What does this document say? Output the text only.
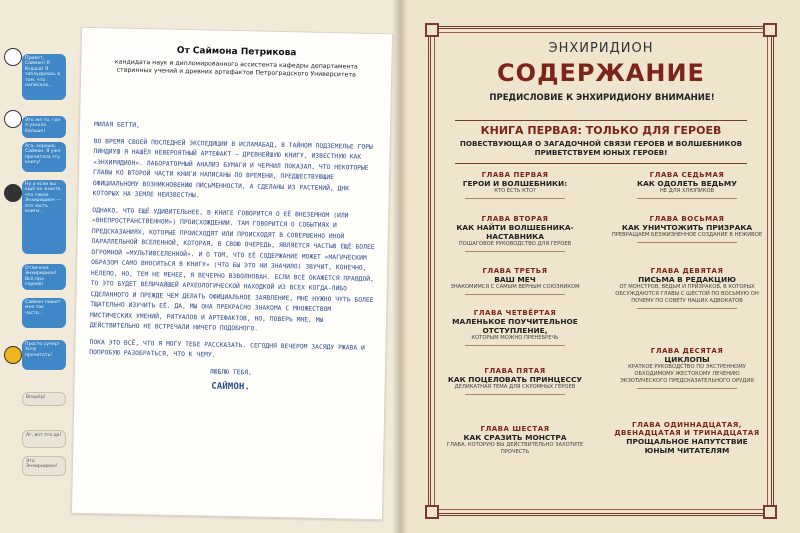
Привет, Саймон! Я Ксюша! Я заблудилась в том, что написала...
Это же то, где я узнала больше!
Ага, хорошо, Саймон. Я уже прочитала эту книгу!
Ну а если вы ещё не знаете, что такое Энхиридион — это часть книги...
Отличная Энхиридион! Всё про героев!
Саймон пишет мне так часто...
Просто супер! Хочу прочитать!
Вперёд!
Аг, вот это да!
Это Энхиридион!
От Саймона Петрикова
кандидата наук и дипломированного ассистента кафедры департамента старинных учений и древних артефактов Петроградского Университета

МИЛАЯ БЕТТИ,

ВО ВРЕМЯ СВОЕЙ ПОСЛЕДНЕЙ ЭКСПЕДИЦИИ В ИСЛАМАБАД, В ТАЙНОМ ПОДЗЕМЕЛЬЕ ГОРЫ ПИНДИУШ Я НАШЁЛ НЕВЕРОЯТНЫЙ АРТЕФАКТ — ДРЕВНЕЙШУЮ КНИГУ, ИЗВЕСТНУЮ КАК «ЭНХИРИДИОН». ЛАБОРАТОРНЫЙ АНАЛИЗ БУМАГИ И ЧЕРНИЛ ПОКАЗАЛ, ЧТО НЕКОТОРЫЕ ГЛАВЫ КО ВТОРОЙ ЧАСТИ КНИГИ НАПИСАНЫ ПО ВРЕМЕНИ, ПРЕДШЕСТВУЮЩИЕ ОФИЦИАЛЬНОМУ ВОЗНИКНОВЕНИЮ ПИСЬМЕННОСТИ, А СДЕЛАНЫ ИЗ РАСТЕНИЙ, ДНК КОТОРЫХ НА ЗЕМЛЕ НЕИЗВЕСТНЫ.

ОДНАКО, ЧТО ЕЩЁ УДИВИТЕЛЬНЕЕ, В КНИГЕ ГОВОРИТСЯ О ЕЁ ВНЕЗЕМНОМ (ИЛИ «ВНЕПРОСТРАНСТВЕННОМ») ПРОИСХОЖДЕНИИ. ТАМ ГОВОРИТСЯ О СОБЫТИЯХ И ПРЕДСКАЗАНИЯХ, КОТОРЫЕ ПРОИСХОДЯТ ИЛИ ПРОИСХОДЯТ В СОВЕРШЕННО ИНОЙ ПАРАЛЛЕЛЬНОЙ ВСЕЛЕННОЙ, КОТОРАЯ, В СВОЮ ОЧЕРЕДЬ, ЯВЛЯЕТСЯ ЧАСТЬЮ ЕЩЁ БОЛЕЕ ОГРОМНОЙ «МУЛЬТИВСЕЛЕННОЙ». И О ТОМ, ЧТО ЕЁ СОДЕРЖАНИЕ МОЖЕТ «МАГИЧЕСКИМ ОБРАЗОМ САМО ВНОСИТЬСЯ В КНИГУ» (ЧТО БЫ ЭТО НИ ЗНАЧИЛО) ЗВУЧИТ, КОНЕЧНО, НЕЛЕПО, НО, ТЕМ НЕ МЕНЕЕ, Я ВЕЧЕРНО ВЗВОЛНОВАН. ЕСЛИ ВСЁ ОКАЖЕТСЯ ПРАВДОЙ, ТО ЭТО БУДЕТ ВЕЛИЧАЙШЕЙ АРХЕОЛОГИЧЕСКОЙ НАХОДКОЙ ИЗ ВСЕХ КОГДА-ЛИБО СДЕЛАННОГО И ПРЕЖДЕ ЧЕМ ДЕЛАТЬ ОФИЦИАЛЬНОЕ ЗАЯВЛЕНИЕ, МНЕ НУЖНО ЧУТЬ БОЛЕЕ ТЩАТЕЛЬНО ИЗУЧИТЬ ЕЁ. ДА, МЫ ОНА ПРЕКРАСНО ЗНАКОМА С МНОЖЕСТВОМ МИСТИЧЕСКИХ УМЕНИЙ, РИТУАЛОВ И АРТЕФАКТОВ, НО, ПОВЕРЬ МНЕ, МЫ ДЕЙСТВИТЕЛЬНО НЕ ВСТРЕЧАЛИ НИЧЕГО ПОДОБНОГО.

ПОКА ЭТО ВСЁ, ЧТО Я МОГУ ТЕБЕ РАССКАЗАТЬ. СЕГОДНЯ ВЕЧЕРОМ ЗАСЯДУ РЖАВА И ПОПРОБУЮ РАЗОБРАТЬСЯ, ЧТО К ЧЕМУ.

ЛЮБЛЮ ТЕБЯ,
САЙМОН.
ЭНХИРИДИОН
СОДЕРЖАНИЕ
ПРЕДИСЛОВИЕ К ЭНХИРИДИОНУ ВНИМАНИЕ!
КНИГА ПЕРВАЯ: ТОЛЬКО ДЛЯ ГЕРОЕВ
ПОВЕСТВУЮЩАЯ О ЗАГАДОЧНОЙ СВЯЗИ ГЕРОЕВ И ВОЛШЕБНИКОВ ПРИВЕТСТВУЕМ ЮНЫХ ГЕРОЕВ!
ГЛАВА ПЕРВАЯ
ГЕРОИ И ВОЛШЕБНИКИ:
КТО ЕСТЬ КТО?
ГЛАВА ВТОРАЯ
КАК НАЙТИ ВОЛШЕБНИКА-НАСТАВНИКА
ПОШАГОВОЕ РУКОВОДСТВО ДЛЯ ГЕРОЕВ
ГЛАВА ТРЕТЬЯ
ВАШ МЕЧ
ЗНАКОМИМСЯ С САМЫМ ВЕРНЫМ СОЮЗНИКОМ
ГЛАВА ЧЕТВЁРТАЯ
МАЛЕНЬКОЕ ПОУЧИТЕЛЬНОЕ ОТСТУПЛЕНИЕ,
КОТОРЫМ МОЖНО ПРЕНЕБРЕЧЬ
ГЛАВА ПЯТАЯ
КАК ПОЦЕЛОВАТЬ ПРИНЦЕССУ
ДЕЛИКАТНАЯ ТЕМА ДЛЯ СКРОМНЫХ ГЕРОЕВ
ГЛАВА ШЕСТАЯ
КАК СРАЗИТЬ МОНСТРА
ГЛАВА, КОТОРУЮ ВЫ ДЕЙСТВИТЕЛЬНО ЗАХОТИТЕ ПРОЧЕСТЬ
ГЛАВА СЕДЬМАЯ
КАК ОДОЛЕТЬ ВЕДЬМУ
НЕ ДЛЯ ХЛЮПИКОВ
ГЛАВА ВОСЬМАЯ
КАК УНИЧТОЖИТЬ ПРИЗРАКА
ПРЕВРАЩАЕМ БЕЗЖИЗНЕННОЕ СОЗДАНИЕ В НЕЖИВОЕ
ГЛАВА ДЕВЯТАЯ
ПИСЬМА В РЕДАКЦИЮ
ОТ МОНСТРОВ, ВЕДЬМ И ПРИЗРАКОВ, В КОТОРЫХ ОБСУЖДАЮТСЯ ГЛАВЫ С ШЕСТОЙ ПО ВОСЬМУЮ ОН ПОЧЕМУ ПО СОВЕТУ НАШИХ АДВОКАТОВ
ГЛАВА ДЕСЯТАЯ
ЦИКЛОПЫ
КРАТКОЕ РУКОВОДСТВО ПО ЭКСТРЕННОМУ ОБХОДИМОМУ ЖЕСТОКОМУ ЛЕЧЕНИЮ ЭКЗОТИЧЕСКОГО ПРЕДСКАЗАТЕЛЬНОГО ОРУДИЯ
ГЛАВА ОДИННАДЦАТАЯ, ДВЕНАДЦАТАЯ И ТРИНАДЦАТАЯ
ПРОЩАЛЬНОЕ НАПУТСТВИЕ ЮНЫМ ЧИТАТЕЛЯМ
